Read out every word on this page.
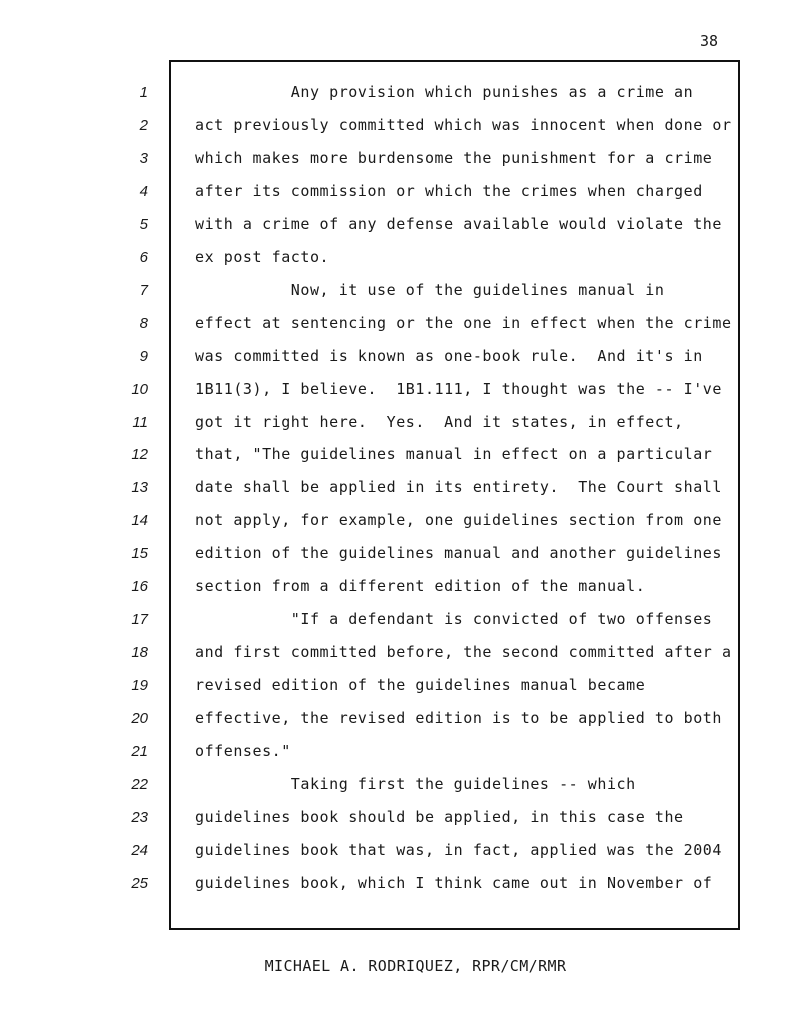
38
1	Any provision which punishes as a crime an
2	act previously committed which was innocent when done or
3	which makes more burdensome the punishment for a crime
4	after its commission or which the crimes when charged
5	with a crime of any defense available would violate the
6	ex post facto.
7	Now, it use of the guidelines manual in
8	effect at sentencing or the one in effect when the crime
9	was committed is known as one-book rule.  And it's in
10	1B11(3), I believe.  1B1.111, I thought was the -- I've
11	got it right here.  Yes.  And it states, in effect,
12	that, "The guidelines manual in effect on a particular
13	date shall be applied in its entirety.  The Court shall
14	not apply, for example, one guidelines section from one
15	edition of the guidelines manual and another guidelines
16	section from a different edition of the manual.
17	"If a defendant is convicted of two offenses
18	and first committed before, the second committed after a
19	revised edition of the guidelines manual became
20	effective, the revised edition is to be applied to both
21	offenses."
22	Taking first the guidelines -- which
23	guidelines book should be applied, in this case the
24	guidelines book that was, in fact, applied was the 2004
25	guidelines book, which I think came out in November of
MICHAEL A. RODRIQUEZ, RPR/CM/RMR
